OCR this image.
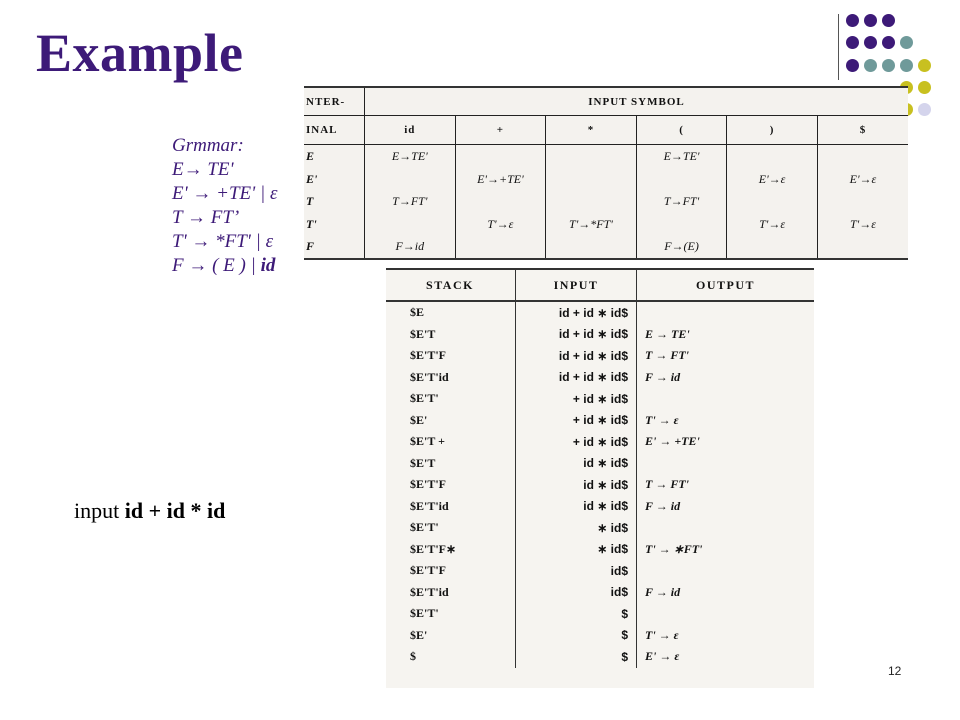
Example
NTER-	INPUT SYMBOL					
INAL	id	+	*	(	)	$
E	E→TE'			E→TE'		
E'		E'→+TE'			E'→ε	E'→ε
T	T→FT'			T→FT'		
T'		T'→ε	T'→*FT'		T'→ε	T'→ε
F	F→id			F→(E)		
Grmmar:
E→ TE'
E' → +TE' | ε
T → FT’
T' → *FT' | ε
F → ( E ) | id
STACK	INPUT	OUTPUT
$E	id + id ∗ id$	
$E'T	id + id ∗ id$	E → TE'
$E'T'F	id + id ∗ id$	T → FT'
$E'T'id	id + id ∗ id$	F → id
$E'T'	+ id ∗ id$	
$E'	+ id ∗ id$	T' → ε
$E'T +	+ id ∗ id$	E' → +TE'
$E'T	id ∗ id$	
$E'T'F	id ∗ id$	T → FT'
$E'T'id	id ∗ id$	F → id
$E'T'	∗ id$	
$E'T'F∗	∗ id$	T' → ∗FT'
$E'T'F	id$	
$E'T'id	id$	F → id
$E'T'	$	
$E'	$	T' → ε
$	$	E' → ε
input id + id * id
12
